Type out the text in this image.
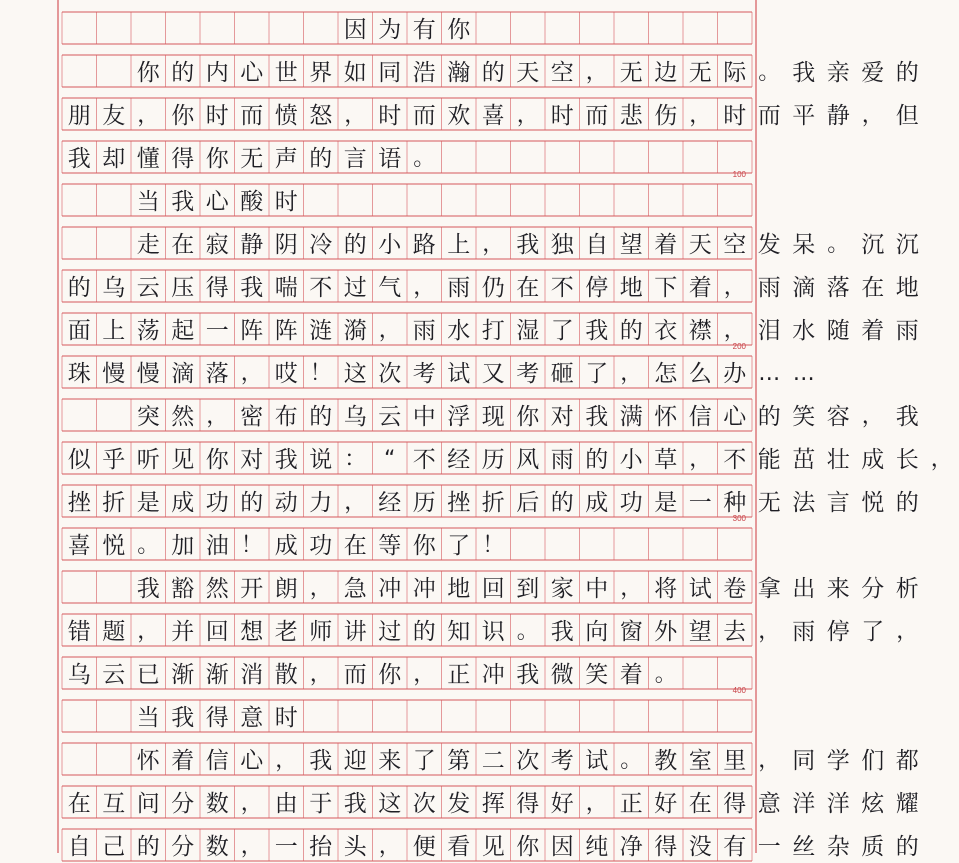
因 为 有 你
你 的 内 心 世 界 如 同 浩 瀚 的 天 空 ， 无 边 无 际 。 我 亲 爱 的
朋 友 ， 你 时 而 愤 怒 ， 时 而 欢 喜 ， 时 而 悲 伤 ， 时 而 平 静 ， 但
我 却 懂 得 你 无 声 的 言 语 。
当 我 心 酸 时
走 在 寂 静 阴 冷 的 小 路 上 ， 我 独 自 望 着 天 空 发 呆 。 沉 沉
的 乌 云 压 得 我 喘 不 过 气 ， 雨 仍 在 不 停 地 下 着 ， 雨 滴 落 在 地
面 上 荡 起 一 阵 阵 涟 漪 ， 雨 水 打 湿 了 我 的 衣 襟 ， 泪 水 随 着 雨
珠 慢 慢 滴 落 ， 哎 ！ 这 次 考 试 又 考 砸 了 ， 怎 么 办 … …
突 然 ， 密 布 的 乌 云 中 浮 现 你 对 我 满 怀 信 心 的 笑 容 ， 我
似 乎 听 见 你 对 我 说 ： “ 不 经 历 风 雨 的 小 草 ， 不 能 茁 壮 成 长 ，
挫 折 是 成 功 的 动 力 ， 经 历 挫 折 后 的 成 功 是 一 种 无 法 言 悦 的
喜 悦 。 加 油 ！ 成 功 在 等 你 了 ！
我 豁 然 开 朗 ， 急 冲 冲 地 回 到 家 中 ， 将 试 卷 拿 出 来 分 析
错 题 ， 并 回 想 老 师 讲 过 的 知 识 。 我 向 窗 外 望 去 ， 雨 停 了 ，
乌 云 已 渐 渐 消 散 ， 而 你 ， 正 冲 我 微 笑 着 。
当 我 得 意 时
怀 着 信 心 ， 我 迎 来 了 第 二 次 考 试 。 教 室 里 ， 同 学 们 都
在 互 问 分 数 ， 由 于 我 这 次 发 挥 得 好 ， 正 好 在 得 意 洋 洋 炫 耀
自 己 的 分 数 ， 一 抬 头 ， 便 看 见 你 因 纯 净 得 没 有 一 丝 杂 质 的
100
200
300
400
